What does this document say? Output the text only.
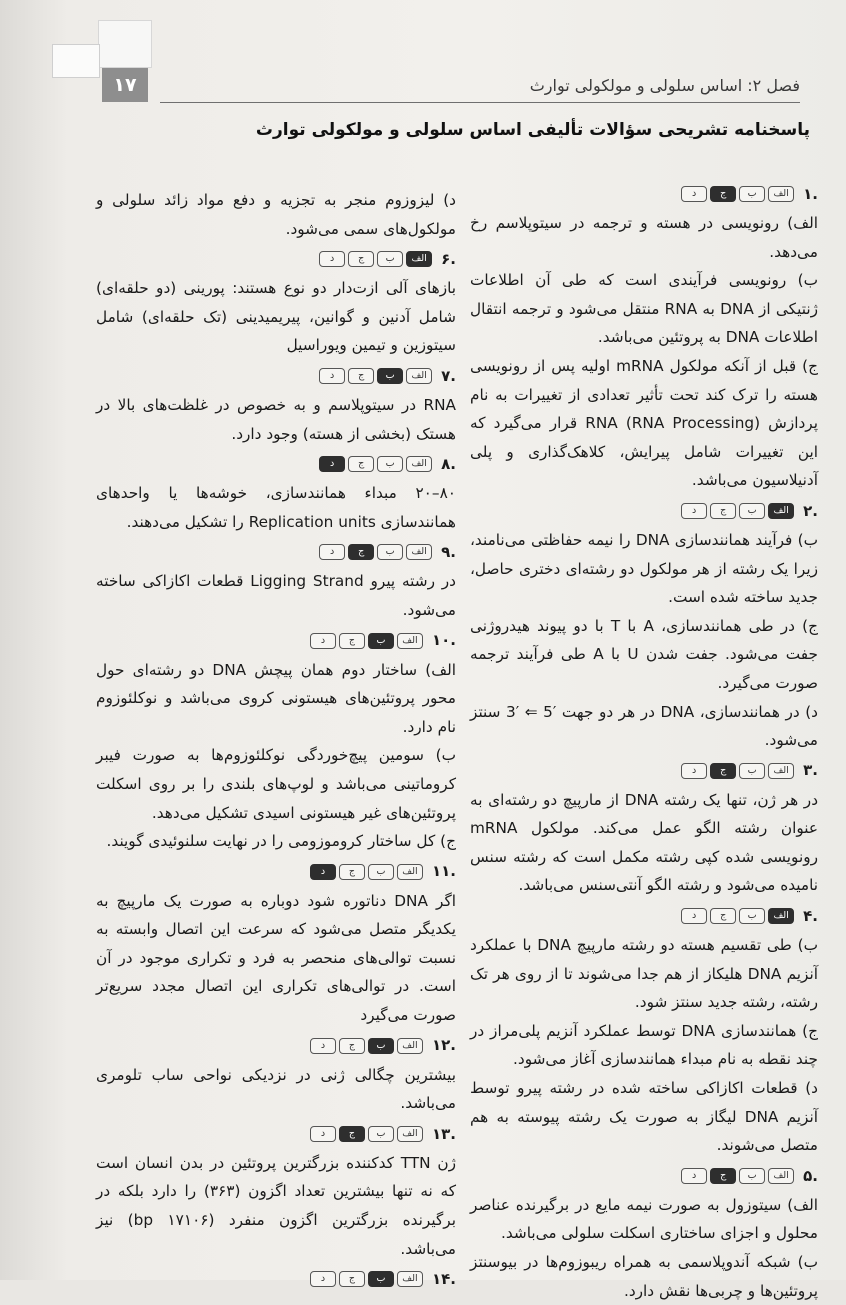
۱۷	فصل ۲: اساس سلولی و مولکولی توارث
پاسخنامه تشریحی سؤالات تألیفی اساس سلولی و مولکولی توارث
.۱
الف
ب
ج
د

الف) رونویسی در هسته و ترجمه در سیتوپلاسم رخ می‌دهد.

ب) رونویسی فرآیندی است که طی آن اطلاعات ژنتیکی از DNA به RNA منتقل می‌شود و ترجمه انتقال اطلاعات DNA به پروتئین می‌باشد.

ج) قبل از آنکه مولکول mRNA اولیه پس از رونویسی هسته را ترک کند تحت تأثیر تعدادی از تغییرات به نام پردازش RNA (RNA Processing) قرار می‌گیرد که این تغییرات شامل پیرایش، کلاهک‌گذاری و پلی آدنیلاسیون می‌باشد.

.۲
الف
ب
ج
د

ب) فرآیند همانندسازی DNA را نیمه حفاظتی می‌نامند، زیرا یک رشته از هر مولکول دو رشته‌ای دختری حاصل، جدید ساخته شده است.

ج) در طی همانندسازی، A با T با دو پیوند هیدروژنی جفت می‌شود. جفت شدن U با A طی فرآیند ترجمه صورت می‌گیرد.

د) در همانندسازی، DNA در هر دو جهت ′5 ⇐ ′3 سنتز می‌شود.

.۳
الف
ب
ج
د

در هر ژن، تنها یک رشته DNA از مارپیچ دو رشته‌ای به عنوان رشته الگو عمل می‌کند. مولکول mRNA رونویسی شده کپی رشته مکمل است که رشته سنس نامیده می‌شود و رشته الگو آنتی‌سنس می‌باشد.

.۴
الف
ب
ج
د

ب) طی تقسیم هسته دو رشته مارپیچ DNA با عملکرد آنزیم DNA هلیکاز از هم جدا می‌شوند تا از روی هر تک رشته، رشته جدید سنتز شود.

ج) همانندسازی DNA توسط عملکرد آنزیم پلی‌مراز در چند نقطه به نام مبداء همانندسازی آغاز می‌شود.

د) قطعات اکازاکی ساخته شده در رشته پیرو توسط آنزیم DNA لیگاز به صورت یک رشته پیوسته به هم متصل می‌شوند.

.۵
الف
ب
ج
د

الف) سیتوزول به صورت نیمه مایع در برگیرنده عناصر محلول و اجزای ساختاری اسکلت سلولی می‌باشد.

ب) شبکه آندوپلاسمی به همراه ریبوزوم‌ها در بیوسنتز پروتئین‌ها و چربی‌ها نقش دارد.

د) لیزوزوم منجر به تجزیه و دفع مواد زائد سلولی و مولکول‌های سمی می‌شود.

.۶
الف
ب
ج
د

بازهای آلی ازت‌دار دو نوع هستند: پورینی (دو حلقه‌ای) شامل آدنین و گوانین، پیریمیدینی (تک حلقه‌ای) شامل سیتوزین و تیمین ویوراسیل

.۷
الف
ب
ج
د

RNA در سیتوپلاسم و به خصوص در غلظت‌های بالا در هستک (بخشی از هسته) وجود دارد.

.۸
الف
ب
ج
د

۸۰–۲۰ مبداء همانندسازی، خوشه‌ها یا واحدهای همانندسازی Replication units را تشکیل می‌دهند.

.۹
الف
ب
ج
د

در رشته پیرو Ligging Strand قطعات اکازاکی ساخته می‌شود.

.۱۰
الف
ب
ج
د

الف) ساختار دوم همان پیچش DNA دو رشته‌ای حول محور پروتئین‌های هیستونی کروی می‌باشد و نوکلئوزوم نام دارد.

ب) سومین پیچ‌خوردگی نوکلئوزوم‌ها به صورت فیبر کروماتینی می‌باشد و لوپ‌های بلندی را بر روی اسکلت پروتئین‌های غیر هیستونی اسیدی تشکیل می‌دهد.

ج) کل ساختار کروموزومی را در نهایت سلنوئیدی گویند.

.۱۱
الف
ب
ج
د

اگر DNA دناتوره شود دوباره به صورت یک مارپیچ به یکدیگر متصل می‌شود که سرعت این اتصال وابسته به نسبت توالی‌های منحصر به فرد و تکراری موجود در آن است. در توالی‌های تکراری این اتصال مجدد سریع‌تر صورت می‌گیرد

.۱۲
الف
ب
ج
د

بیشترین چگالی ژنی در نزدیکی نواحی ساب تلومری می‌باشد.

.۱۳
الف
ب
ج
د

ژن TTN کدکننده بزرگترین پروتئین در بدن انسان است که نه تنها بیشترین تعداد اگزون (۳۶۳) را دارد بلکه در برگیرنده بزرگترین اگزون منفرد (۱۷۱۰۶ bp) نیز می‌باشد.

.۱۴
الف
ب
ج
د
